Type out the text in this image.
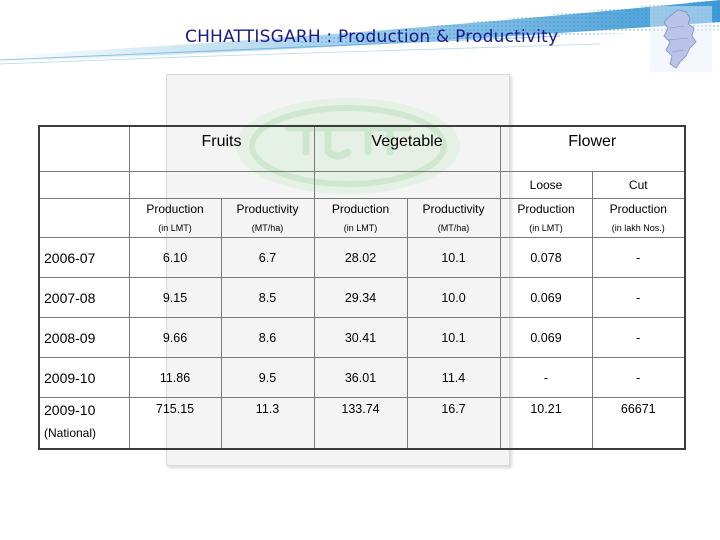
CHHATTISGARH : Production & Productivity
	Fruits		Vegetable		Flower	
					Loose	Cut
	Production	Productivity	Production	Productivity	Production	Production
	(in LMT)	(MT/ha)	(in LMT)	(MT/ha)	(in LMT)	(in lakh Nos.)
2006-07	6.10	6.7	28.02	10.1	0.078	-
2007-08	9.15	8.5	29.34	10.0	0.069	-
2008-09	9.66	8.6	30.41	10.1	0.069	-
2009-10	11.86	9.5	36.01	11.4	-	-
2009-10
(National)	715.15	11.3	133.74	16.7	10.21	66671
